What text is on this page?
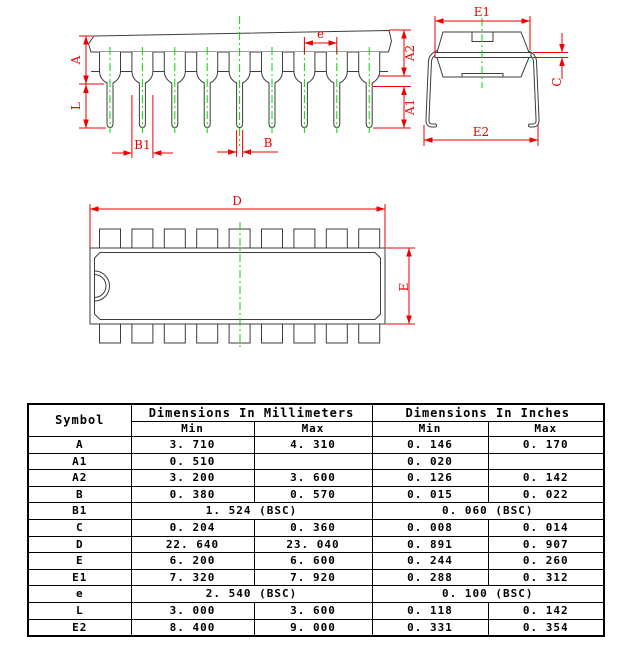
A
L
A2
A1
e
B1	B
E1
E2
C
D
E
Symbol	Dimensions In Millimeters		Dimensions In Inches	
	Min	Max	Min	Max
A	3. 710	4. 310	0. 146	0. 170
A1	0. 510		0. 020	
A2	3. 200	3. 600	0. 126	0. 142
B	0. 380	0. 570	0. 015	0. 022
B1	1. 524 (BSC)		0. 060 (BSC)	
C	0. 204	0. 360	0. 008	0. 014
D	22. 640	23. 040	0. 891	0. 907
E	6. 200	6. 600	0. 244	0. 260
E1	7. 320	7. 920	0. 288	0. 312
e	2. 540 (BSC)		0. 100 (BSC)	
L	3. 000	3. 600	0. 118	0. 142
E2	8. 400	9. 000	0. 331	0. 354
